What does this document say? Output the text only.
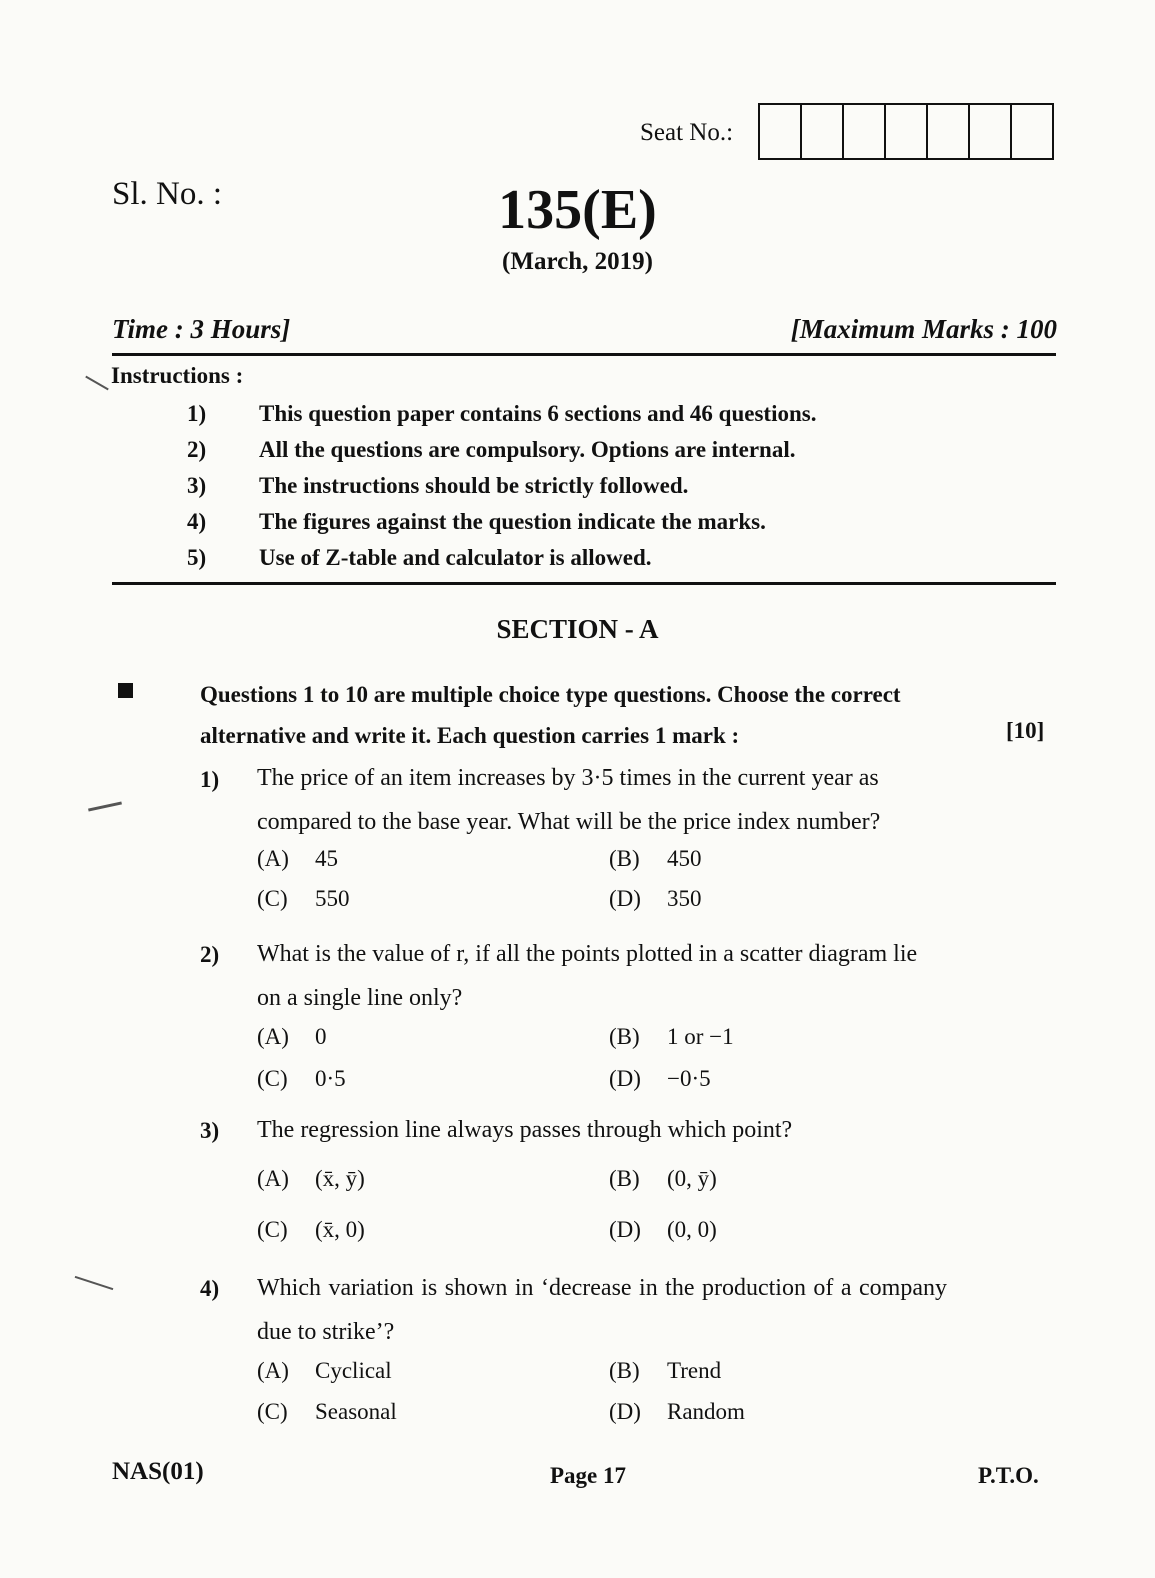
Seat No.:
Sl. No. :	135(E)
(March, 2019)
Time : 3 Hours]	[Maximum Marks : 100
Instructions :
1)	This question paper contains 6 sections and 46 questions.
2)	All the questions are compulsory. Options are internal.
3)	The instructions should be strictly followed.
4)	The figures against the question indicate the marks.
5)	Use of Z-table and calculator is allowed.
SECTION - A
Questions 1 to 10 are multiple choice type questions. Choose the correct alternative and write it. Each question carries 1 mark :	[10]
1) The price of an item increases by 3·5 times in the current year as compared to the base year. What will be the price index number?
(A)	45	(B)	450
(C)	550	(D)	350
2) What is the value of r, if all the points plotted in a scatter diagram lie on a single line only?
(A)	0	(B)	1 or −1
(C)	0·5	(D)	−0·5
3) The regression line always passes through which point?
(A)	(x̄, ȳ)	(B)	(0, ȳ)
(C)	(x̄, 0)	(D)	(0, 0)
4) Which variation is shown in ‘decrease in the production of a company due to strike’?
(A)	Cyclical	(B)	Trend
(C)	Seasonal	(D)	Random
NAS(01)	Page 17	P.T.O.
